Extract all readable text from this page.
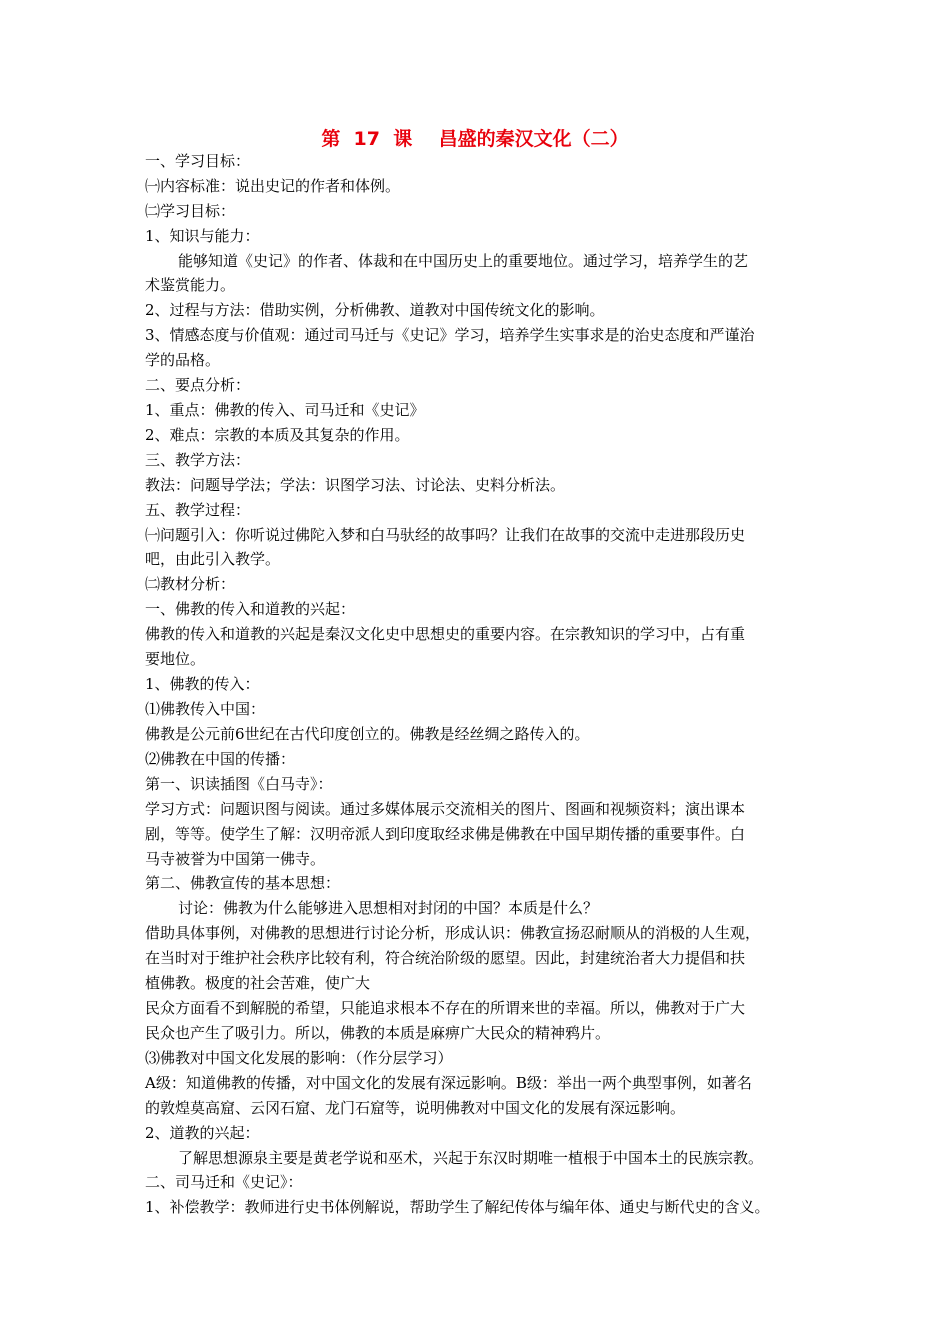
第  17  课    昌盛的秦汉文化（二）
一、学习目标：
㈠内容标准：说出史记的作者和体例。
㈡学习目标：
1、知识与能力：
能够知道《史记》的作者、体裁和在中国历史上的重要地位。通过学习，培养学生的艺
术鉴赏能力。
2、过程与方法：借助实例，分析佛教、道教对中国传统文化的影响。
3、情感态度与价值观：通过司马迁与《史记》学习，培养学生实事求是的治史态度和严谨治
学的品格。
二、要点分析：
1、重点：佛教的传入、司马迁和《史记》
2、难点：宗教的本质及其复杂的作用。
三、教学方法：
教法：问题导学法；学法：识图学习法、讨论法、史料分析法。
五、教学过程：
㈠问题引入：你听说过佛陀入梦和白马驮经的故事吗？让我们在故事的交流中走进那段历史
吧，由此引入教学。
㈡教材分析：
一、佛教的传入和道教的兴起：
佛教的传入和道教的兴起是秦汉文化史中思想史的重要内容。在宗教知识的学习中，占有重
要地位。
1、佛教的传入：
⑴佛教传入中国：
佛教是公元前6世纪在古代印度创立的。佛教是经丝绸之路传入的。
⑵佛教在中国的传播：
第一、识读插图《白马寺》：
学习方式：问题识图与阅读。通过多媒体展示交流相关的图片、图画和视频资料；演出课本
剧，等等。使学生了解：汉明帝派人到印度取经求佛是佛教在中国早期传播的重要事件。白
马寺被誉为中国第一佛寺。
第二、佛教宣传的基本思想：
讨论：佛教为什么能够进入思想相对封闭的中国？本质是什么？
借助具体事例，对佛教的思想进行讨论分析，形成认识：佛教宣扬忍耐顺从的消极的人生观，
在当时对于维护社会秩序比较有利，符合统治阶级的愿望。因此，封建统治者大力提倡和扶
植佛教。极度的社会苦难，使广大
民众方面看不到解脱的希望，只能追求根本不存在的所谓来世的幸福。所以，佛教对于广大
民众也产生了吸引力。所以，佛教的本质是麻痹广大民众的精神鸦片。
⑶佛教对中国文化发展的影响：（作分层学习）
A级：知道佛教的传播，对中国文化的发展有深远影响。B级：举出一两个典型事例，如著名
的敦煌莫高窟、云冈石窟、龙门石窟等，说明佛教对中国文化的发展有深远影响。
2、道教的兴起：
了解思想源泉主要是黄老学说和巫术，兴起于东汉时期唯一植根于中国本土的民族宗教。
二、司马迁和《史记》：
1、补偿教学：教师进行史书体例解说，帮助学生了解纪传体与编年体、通史与断代史的含义。
